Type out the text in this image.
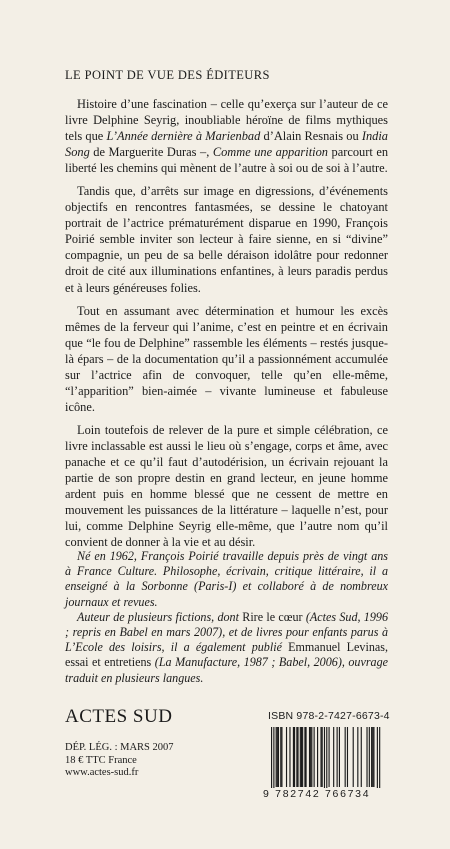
LE POINT DE VUE DES ÉDITEURS

Histoire d’une fascination – celle qu’exerça sur l’auteur de ce livre Delphine Seyrig, inoubliable héroïne de films mythiques tels que L’Année dernière à Marienbad d’Alain Resnais ou India Song de Marguerite Duras –, Comme une apparition parcourt en liberté les chemins qui mènent de l’autre à soi ou de soi à l’autre.

Tandis que, d’arrêts sur image en digressions, d’événements objectifs en rencontres fantasmées, se dessine le chatoyant portrait de l’actrice prématurément disparue en 1990, François Poirié semble inviter son lecteur à faire sienne, en si “divine” compagnie, un peu de sa belle déraison idolâtre pour redonner droit de cité aux illuminations enfantines, à leurs paradis perdus et à leurs généreuses folies.

Tout en assumant avec détermination et humour les excès mêmes de la ferveur qui l’anime, c’est en peintre et en écrivain que “le fou de Delphine” rassemble les éléments – restés jusque-là épars – de la documentation qu’il a passionnément accumulée sur l’actrice afin de convoquer, telle qu’en elle-même, “l’apparition” bien-aimée – vivante lumineuse et fabuleuse icône.

Loin toutefois de relever de la pure et simple célébration, ce livre inclassable est aussi le lieu où s’engage, corps et âme, avec panache et ce qu’il faut d’autodérision, un écrivain rejouant la partie de son propre destin en grand lecteur, en jeune homme ardent puis en homme blessé que ne cessent de mettre en mouvement les puissances de la littérature – laquelle n’est, pour lui, comme Delphine Seyrig elle-même, que l’autre nom qu’il convient de donner à la vie et au désir.

Né en 1962, François Poirié travaille depuis près de vingt ans à France Culture. Philosophe, écrivain, critique littéraire, il a enseigné à la Sorbonne (Paris-I) et collaboré à de nombreux journaux et revues.

Auteur de plusieurs fictions, dont Rire le cœur (Actes Sud, 1996 ; repris en Babel en mars 2007), et de livres pour enfants parus à L’Ecole des loisirs, il a également publié Emmanuel Levinas, essai et entretiens (La Manufacture, 1987 ; Babel, 2006), ouvrage traduit en plusieurs langues.

ACTES SUD	ISBN 978-2-7427-6673-4
DÉP. LÉG. : MARS 2007
18 € TTC France
www.actes-sud.fr
9 782742 766734
